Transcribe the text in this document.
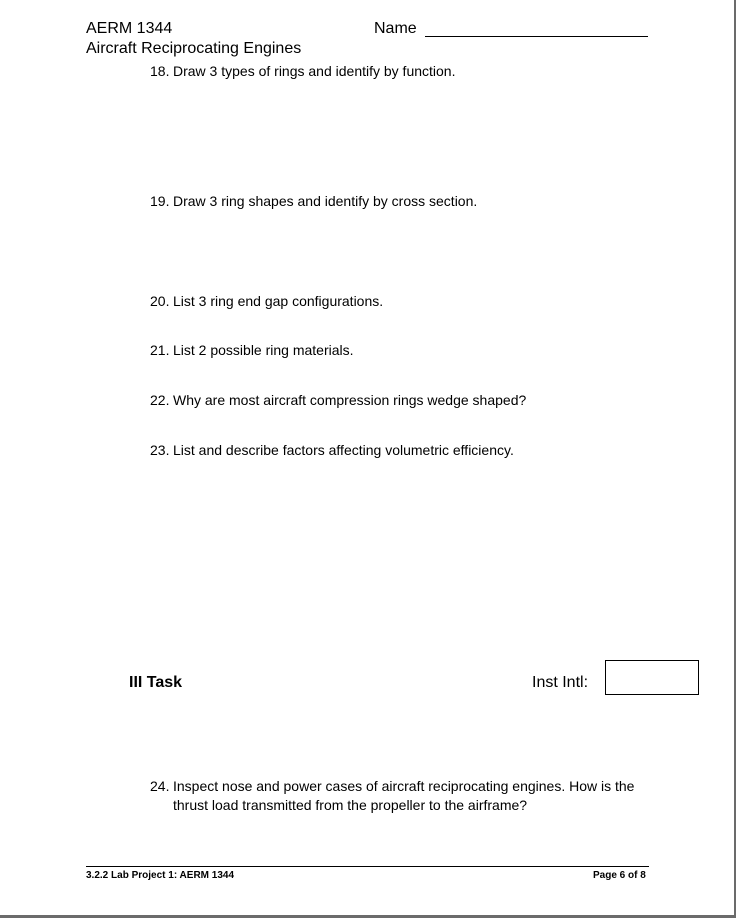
AERM 1344
Aircraft Reciprocating Engines
Name
18. Draw 3 types of rings and identify by function.
19. Draw 3 ring shapes and identify by cross section.
20. List 3 ring end gap configurations.
21. List 2 possible ring materials.
22. Why are most aircraft compression rings wedge shaped?
23. List and describe factors affecting volumetric efficiency.
III Task	Inst Intl:
24. Inspect nose and power cases of aircraft reciprocating engines. How is the thrust load transmitted from the propeller to the airframe?
3.2.2 Lab Project 1: AERM 1344	Page 6 of 8
